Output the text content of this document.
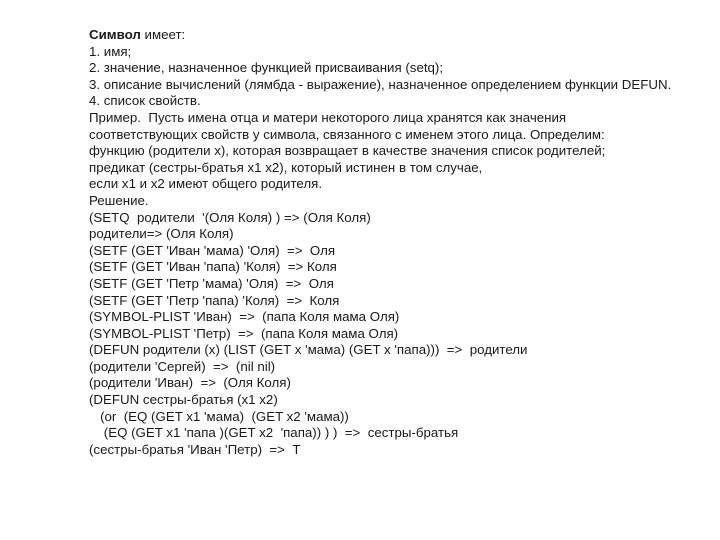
Символ имеет:
1. имя;
2. значение, назначенное функцией присваивания (setq);
3. описание вычислений (лямбда - выражение), назначенное определением функции DEFUN.
4. список свойств.
Пример.  Пусть имена отца и матери некоторого лица хранятся как значения
соответствующих свойств у символа, связанного с именем этого лица. Определим:
функцию (родители x), которая возвращает в качестве значения список родителей;
предикат (сестры-братья x1 x2), который истинен в том случае,
если x1 и x2 имеют общего родителя.
Решение.
(SETQ  родители  '(Оля Коля) ) => (Оля Коля)
родители=> (Оля Коля)
(SETF (GET 'Иван 'мама) 'Оля)  =>  Оля
(SETF (GET 'Иван 'папа) 'Коля)  => Коля
(SETF (GET 'Петр 'мама) 'Оля)  =>  Оля
(SETF (GET 'Петр 'папа) 'Коля)  =>  Коля
(SYMBOL-PLIST 'Иван)  =>  (папа Коля мама Оля)
(SYMBOL-PLIST 'Петр)  =>  (папа Коля мама Оля)
(DEFUN родители (x) (LIST (GET x 'мама) (GET x 'папа)))  =>  родители
(родители 'Сергей)  =>  (nil nil)
(родители 'Иван)  =>  (Оля Коля)
(DEFUN сестры-братья (x1 x2)
(or  (EQ (GET x1 'мама)  (GET x2 'мама))
(EQ (GET x1 'папа )(GET x2  'папа)) ) )  =>  сестры-братья
(сестры-братья 'Иван 'Петр)  =>  T
